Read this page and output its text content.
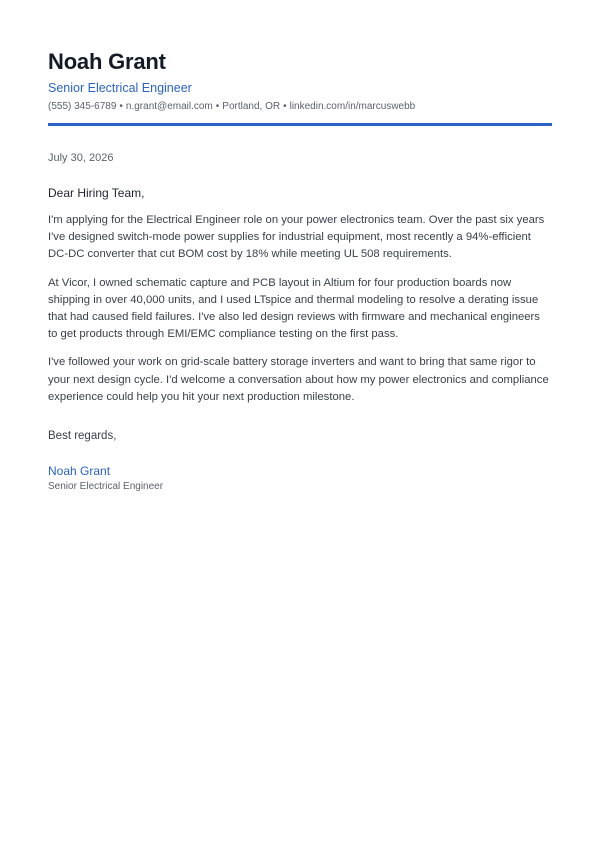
Noah Grant
Senior Electrical Engineer
(555) 345-6789 • n.grant@email.com • Portland, OR • linkedin.com/in/marcuswebb
July 30, 2026
Dear Hiring Team,

I'm applying for the Electrical Engineer role on your power electronics team. Over the past six years I've designed switch-mode power supplies for industrial equipment, most recently a 94%-efficient DC-DC converter that cut BOM cost by 18% while meeting UL 508 requirements.

At Vicor, I owned schematic capture and PCB layout in Altium for four production boards now shipping in over 40,000 units, and I used LTspice and thermal modeling to resolve a derating issue that had caused field failures. I've also led design reviews with firmware and mechanical engineers to get products through EMI/EMC compliance testing on the first pass.

I've followed your work on grid-scale battery storage inverters and want to bring that same rigor to your next design cycle. I'd welcome a conversation about how my power electronics and compliance experience could help you hit your next production milestone.

Best regards,
Noah Grant
Senior Electrical Engineer
